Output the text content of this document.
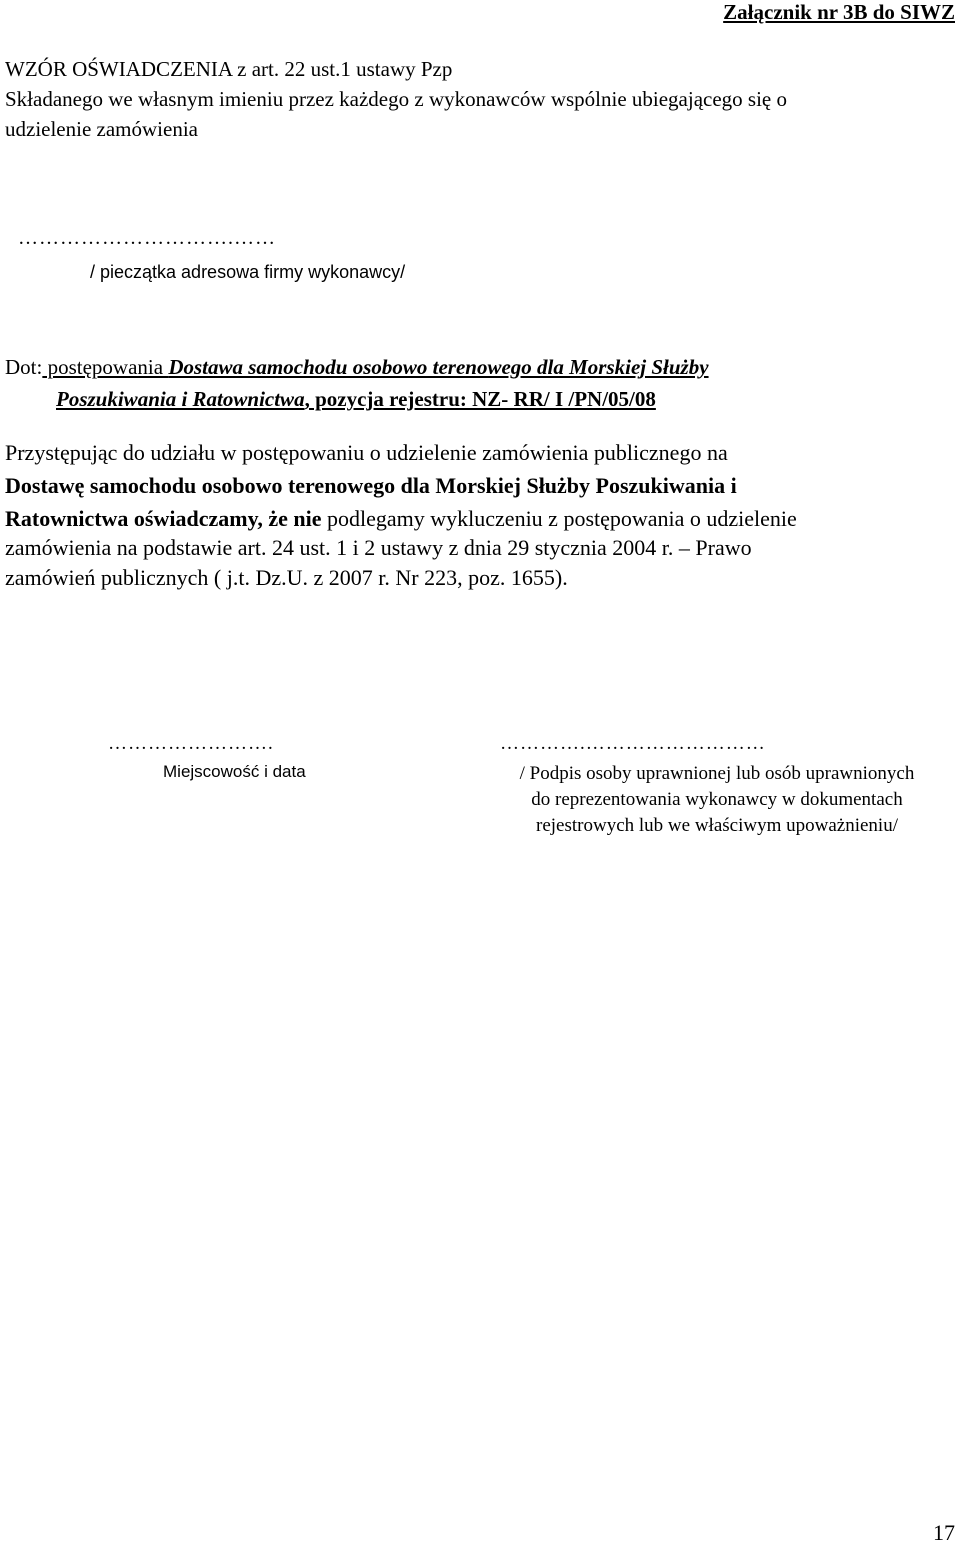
Załącznik nr 3B do SIWZ
WZÓR OŚWIADCZENIA z art. 22 ust.1 ustawy Pzp
Składanego we własnym imieniu przez każdego z wykonawców wspólnie ubiegającego się o
udzielenie zamówienia
………………………….……
/ pieczątka adresowa firmy wykonawcy/
Dot: postępowania Dostawa samochodu osobowo terenowego dla Morskiej Służby
Poszukiwania i Ratownictwa, pozycja rejestru: NZ- RR/ I /PN/05/08
Przystępując do udziału w postępowaniu o udzielenie zamówienia publicznego na
Dostawę samochodu osobowo terenowego dla Morskiej Służby Poszukiwania i
Ratownictwa oświadczamy, że nie podlegamy wykluczeniu z postępowania o udzielenie
zamówienia na podstawie art. 24 ust. 1 i 2 ustawy z dnia 29 stycznia 2004 r. – Prawo
zamówień publicznych ( j.t. Dz.U. z 2007 r. Nr 223, poz. 1655).
…………………….
Miejscowość i data
………….………………………
/ Podpis osoby uprawnionej lub osób uprawnionych
do reprezentowania wykonawcy w dokumentach
rejestrowych lub we właściwym upoważnieniu/
17
